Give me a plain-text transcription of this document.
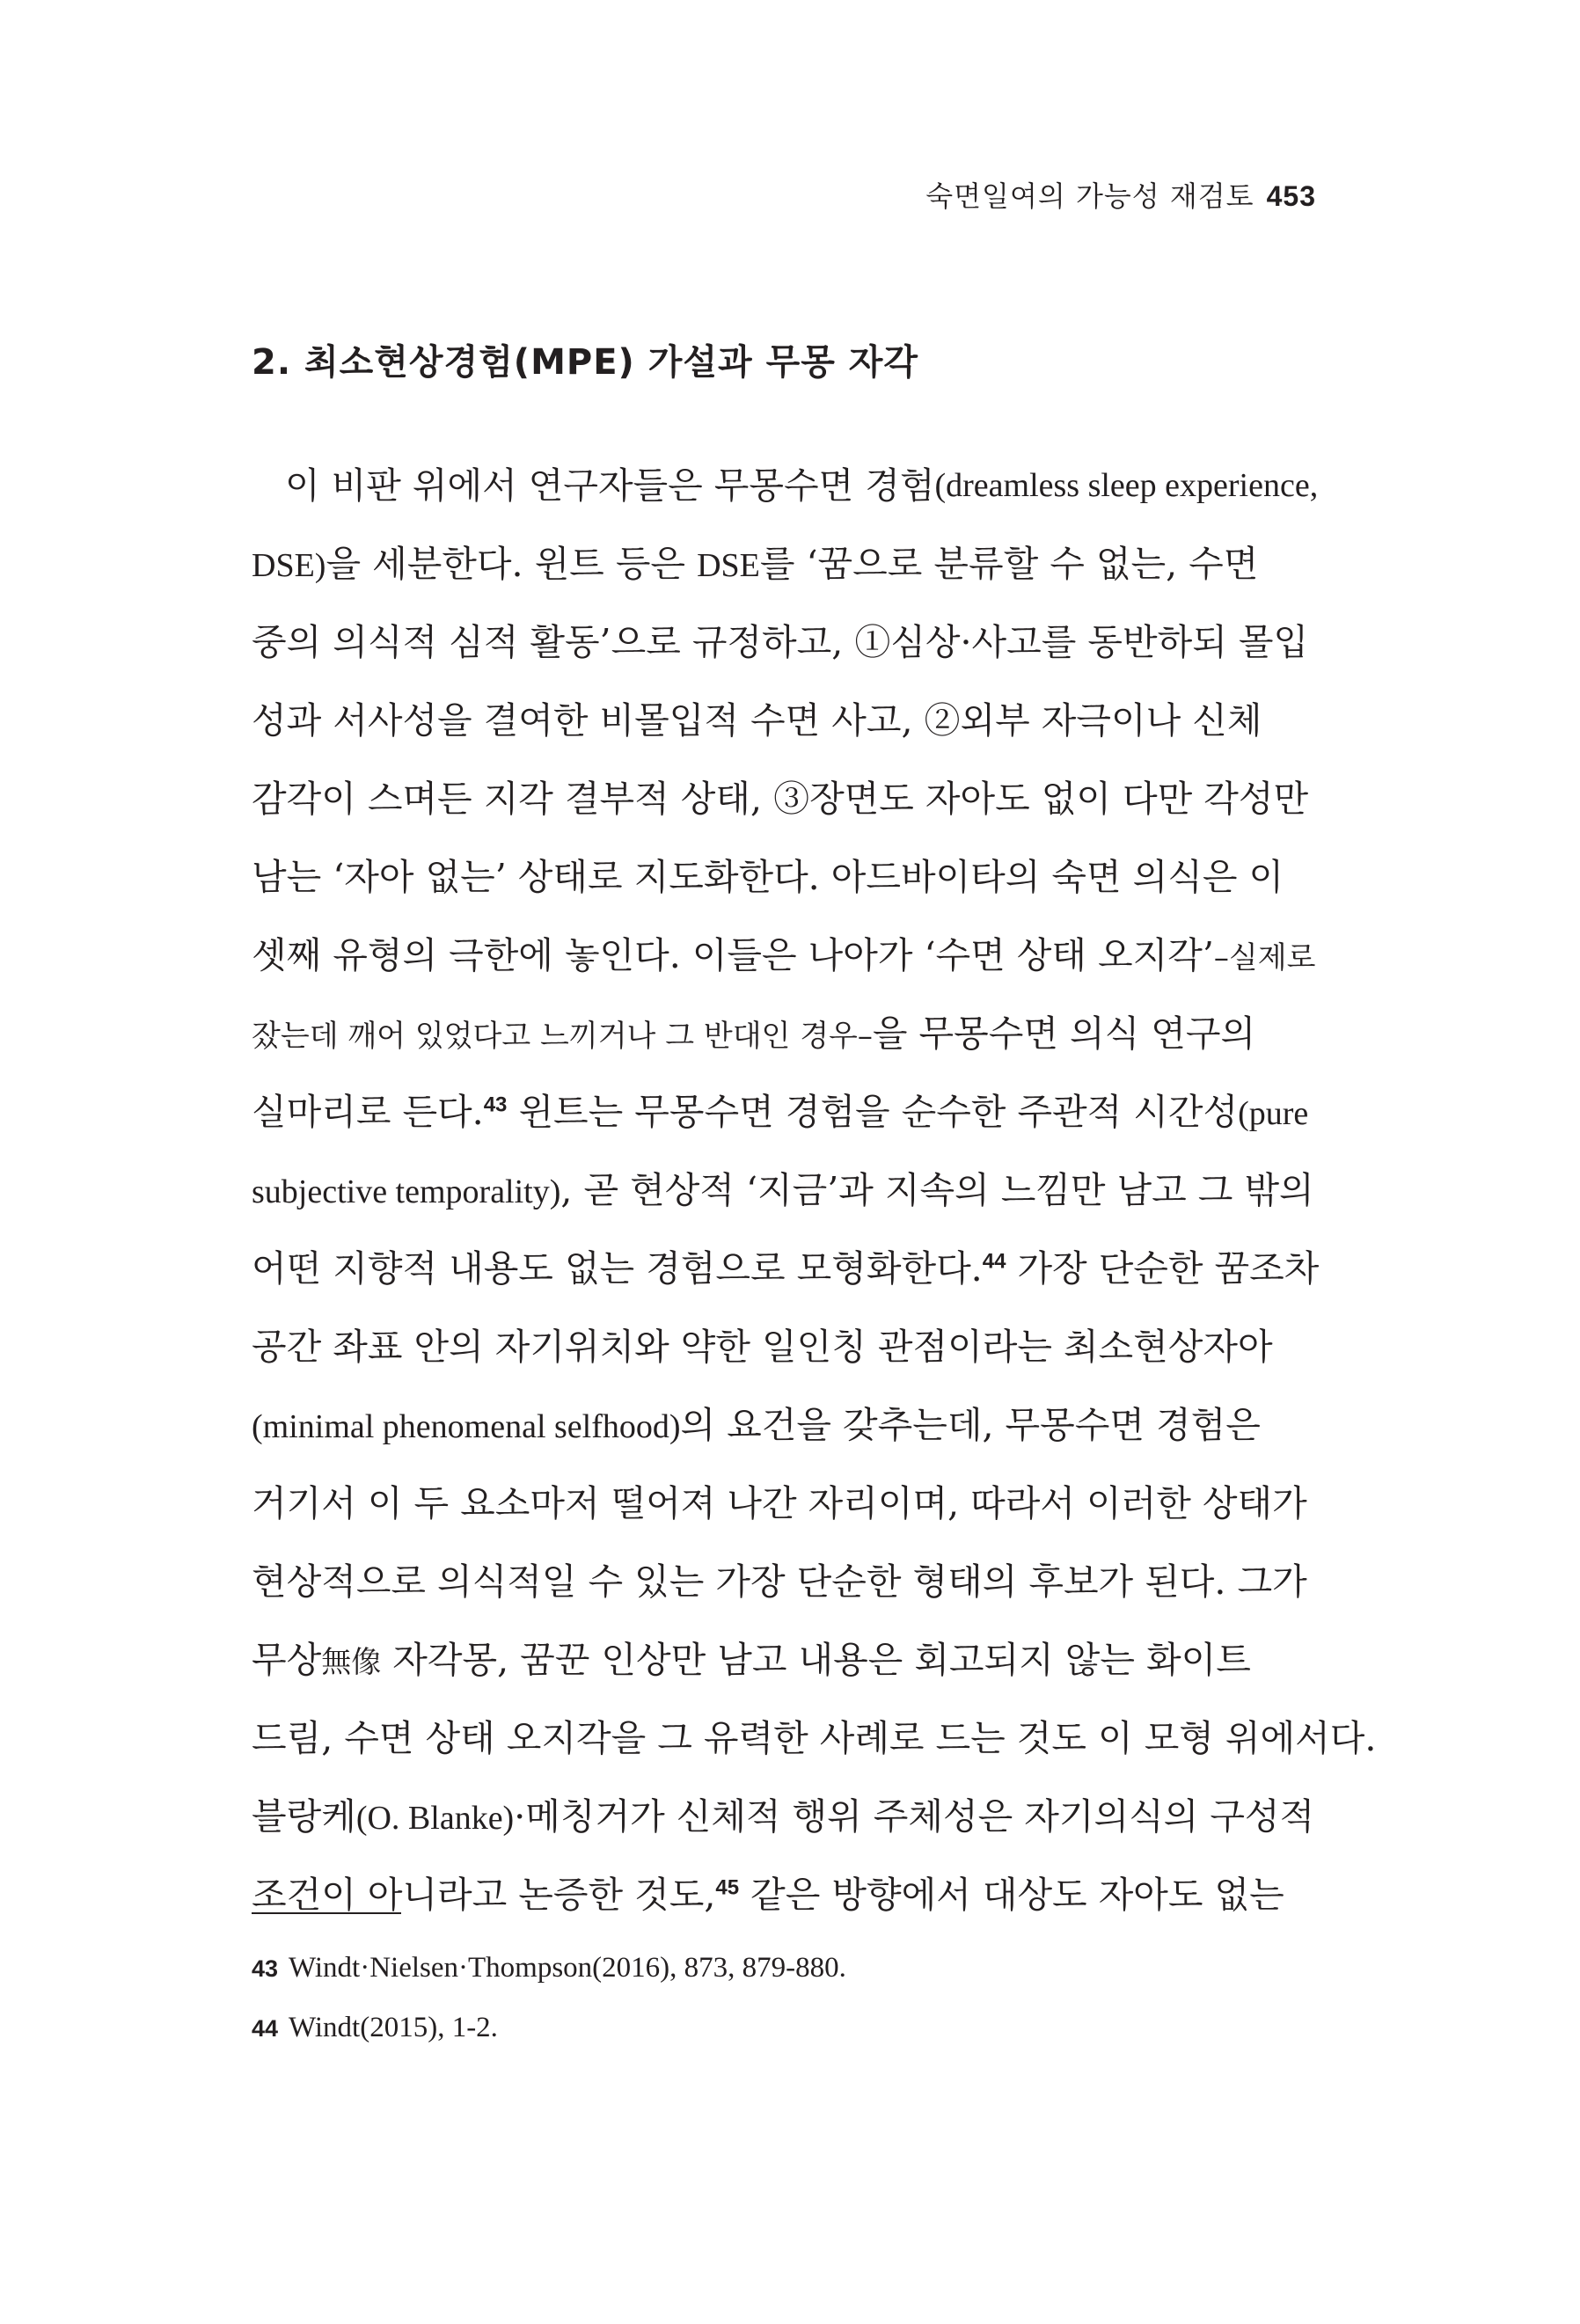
숙면일여의 가능성 재검토 453
2. 최소현상경험(MPE) 가설과 무몽 자각
이 비판 위에서 연구자들은 무몽수면 경험 (dreamless sleep experience,
DSE)을 세분한다. 윈트 등은 DSE를 ‘꿈으로 분류할 수 없는, 수면
중의 의식적 심적 활동’으로 규정하고, ①심상·사고를 동반하되 몰입
성과 서사성을 결여한 비몰입적 수면 사고, ②외부 자극이나 신체
감각이 스며든 지각 결부적 상태, ③장면도 자아도 없이 다만 각성만
남는 ‘자아 없는’ 상태로 지도화한다. 아드바이타의 숙면 의식은 이
셋째 유형의 극한에 놓인다. 이들은 나아가 ‘수면 상태 오지각’–실제로
잤는데 깨어 있었다고 느끼거나 그 반대인 경우–을 무몽수면 의식 연구의
실마리로 든다.$^{43}$ 윈트는 무몽수면 경험을 순수한 주관적 시간성(pure
subjective temporality), 곧 현상적 ‘지금’과 지속의 느낌만 남고 그 밖의
어떤 지향적 내용도 없는 경험으로 모형화한다.$^{44}$ 가장 단순한 꿈조차
공간 좌표 안의 자기위치와 약한 일인칭 관점이라는 최소현상자아
(minimal phenomenal selfhood)의 요건을 갖추는데, 무몽수면 경험은
거기서 이 두 요소마저 떨어져 나간 자리이며, 따라서 이러한 상태가
현상적으로 의식적일 수 있는 가장 단순한 형태의 후보가 된다. 그가
무상無像 자각몽, 꿈꾼 인상만 남고 내용은 회고되지 않는 화이트
드림, 수면 상태 오지각을 그 유력한 사례로 드는 것도 이 모형 위에서다.
블랑케(O. Blanke)·메칭거가 신체적 행위 주체성은 자기의식의 구성적
조건이 아니라고 논증한 것도,$^{45}$ 같은 방향에서 대상도 자아도 없는
43 Windt·Nielsen·Thompson(2016), 873, 879-880.
44 Windt(2015), 1-2.
